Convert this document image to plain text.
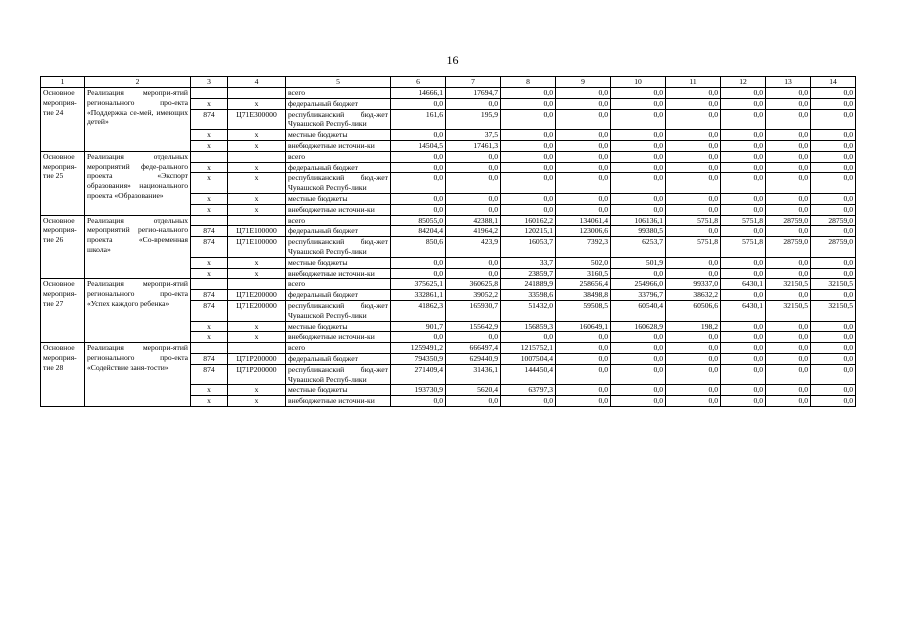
16
1	2	3	4	5	6	7	8	9	10	11	12	13	14
Основное мероприя-тие 24	Реализация меропри-ятий регионального про-екта «Поддержка се-мей, имеющих детей»			всего	14666,1	17694,7	0,0	0,0	0,0	0,0	0,0	0,0	0,0
		х	х	федеральный бюджет	0,0	0,0	0,0	0,0	0,0	0,0	0,0	0,0	0,0
		874	Ц71Е300000	республиканский бюд-жет Чувашской Респуб-лики	161,6	195,9	0,0	0,0	0,0	0,0	0,0	0,0	0,0
		х	х	местные бюджеты	0,0	37,5	0,0	0,0	0,0	0,0	0,0	0,0	0,0
		х	х	внебюджетные источни-ки	14504,5	17461,3	0,0	0,0	0,0	0,0	0,0	0,0	0,0
Основное мероприя-тие 25	Реализация отдельных мероприятий феде-рального проекта «Экспорт образования» национального проекта «Образование»			всего	0,0	0,0	0,0	0,0	0,0	0,0	0,0	0,0	0,0
		х	х	федеральный бюджет	0,0	0,0	0,0	0,0	0,0	0,0	0,0	0,0	0,0
		х	х	республиканский бюд-жет Чувашской Респуб-лики	0,0	0,0	0,0	0,0	0,0	0,0	0,0	0,0	0,0
		х	х	местные бюджеты	0,0	0,0	0,0	0,0	0,0	0,0	0,0	0,0	0,0
		х	х	внебюджетные источни-ки	0,0	0,0	0,0	0,0	0,0	0,0	0,0	0,0	0,0
Основное мероприя-тие 26	Реализация отдельных мероприятий регио-нального проекта «Со-временная школа»			всего	85055,0	42388,1	160162,2	134061,4	106136,1	5751,8	5751,8	28759,0	28759,0
		874	Ц71Е100000	федеральный бюджет	84204,4	41964,2	120215,1	123006,6	99380,5	0,0	0,0	0,0	0,0
		874	Ц71Е100000	республиканский бюд-жет Чувашской Респуб-лики	850,6	423,9	16053,7	7392,3	6253,7	5751,8	5751,8	28759,0	28759,0
		х	х	местные бюджеты	0,0	0,0	33,7	502,0	501,9	0,0	0,0	0,0	0,0
		х	х	внебюджетные источни-ки	0,0	0,0	23859,7	3160,5	0,0	0,0	0,0	0,0	0,0
Основное мероприя-тие 27	Реализация меропри-ятий регионального про-екта «Успех каждого ребенка»			всего	375625,1	360625,8	241889,9	258656,4	254966,0	99337,0	6430,1	32150,5	32150,5
		874	Ц71Е200000	федеральный бюджет	332861,1	39052,2	33598,6	38498,8	33796,7	38632,2	0,0	0,0	0,0
		874	Ц71Е200000	республиканский бюд-жет Чувашской Респуб-лики	41862,3	165930,7	51432,0	59508,5	60540,4	60506,6	6430,1	32150,5	32150,5
		х	х	местные бюджеты	901,7	155642,9	156859,3	160649,1	160628,9	198,2	0,0	0,0	0,0
		х	х	внебюджетные источни-ки	0,0	0,0	0,0	0,0	0,0	0,0	0,0	0,0	0,0
Основное мероприя-тие 28	Реализация меропри-ятий регионального про-екта «Содействие заня-тости»			всего	1259491,2	666497,4	1215752,1	0,0	0,0	0,0	0,0	0,0	0,0
		874	Ц71Р200000	федеральный бюджет	794350,9	629440,9	1007504,4	0,0	0,0	0,0	0,0	0,0	0,0
		874	Ц71Р200000	республиканский бюд-жет Чувашской Респуб-лики	271409,4	31436,1	144450,4	0,0	0,0	0,0	0,0	0,0	0,0
		х	х	местные бюджеты	193730,9	5620,4	63797,3	0,0	0,0	0,0	0,0	0,0	0,0
		х	х	внебюджетные источни-ки	0,0	0,0	0,0	0,0	0,0	0,0	0,0	0,0	0,0
